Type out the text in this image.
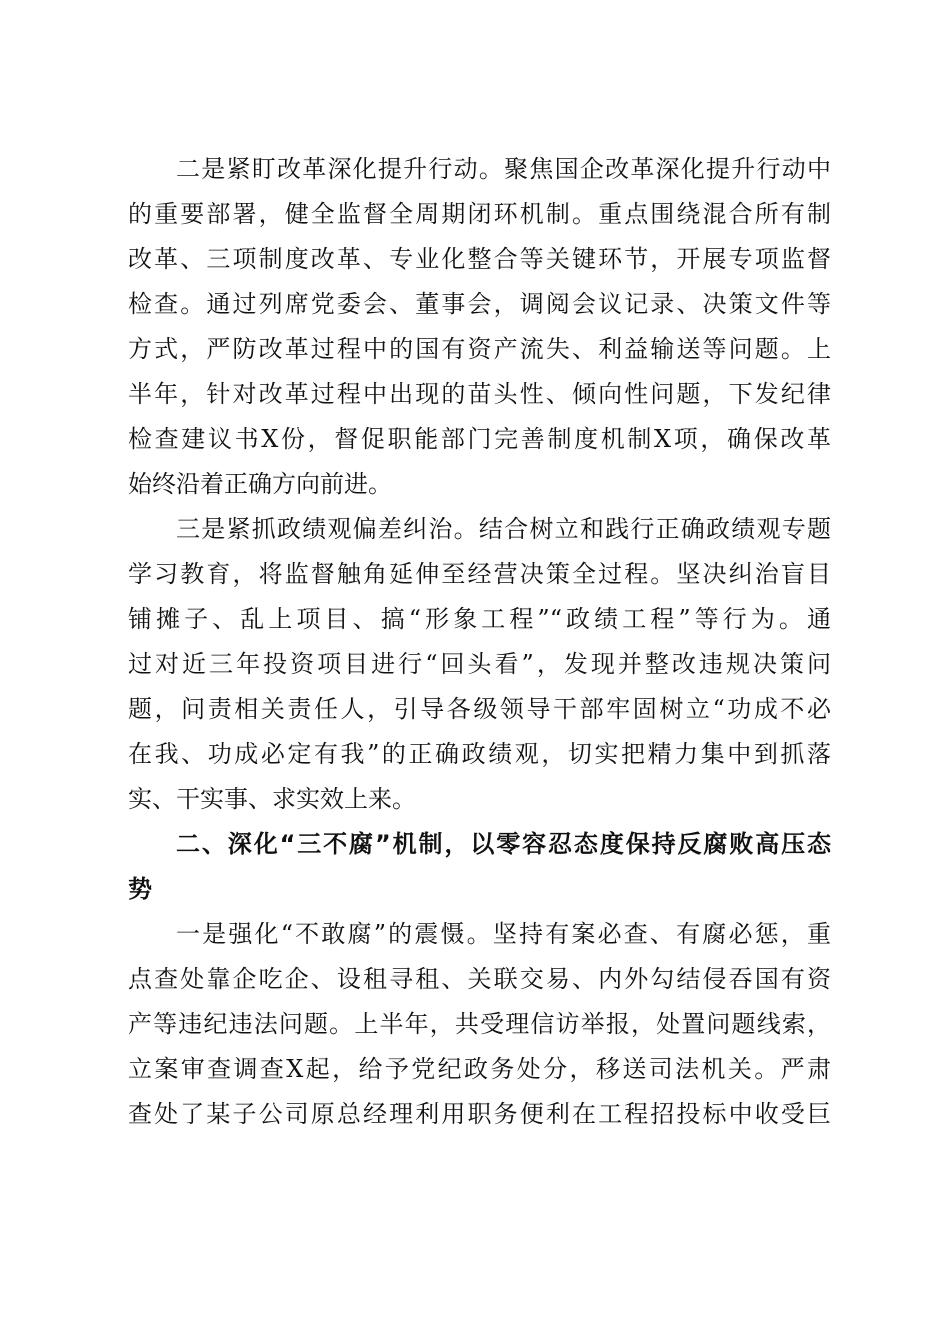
二是紧盯改革深化提升行动。聚焦国企改革深化提升行动中
的重要部署，健全监督全周期闭环机制。重点围绕混合所有制
改革、三项制度改革、专业化整合等关键环节，开展专项监督
检查。通过列席党委会、董事会，调阅会议记录、决策文件等
方式，严防改革过程中的国有资产流失、利益输送等问题。上
半年，针对改革过程中出现的苗头性、倾向性问题，下发纪律
检查建议书X份，督促职能部门完善制度机制X项，确保改革
始终沿着正确方向前进。
三是紧抓政绩观偏差纠治。结合树立和践行正确政绩观专题
学习教育，将监督触角延伸至经营决策全过程。坚决纠治盲目
铺摊子、乱上项目、搞“形象工程”“政绩工程”等行为。通
过对近三年投资项目进行“回头看”，发现并整改违规决策问
题，问责相关责任人，引导各级领导干部牢固树立“功成不必
在我、功成必定有我”的正确政绩观，切实把精力集中到抓落
实、干实事、求实效上来。
二、深化“三不腐”机制，以零容忍态度保持反腐败高压态
势
一是强化“不敢腐”的震慑。坚持有案必查、有腐必惩，重
点查处靠企吃企、设租寻租、关联交易、内外勾结侵吞国有资
产等违纪违法问题。上半年，共受理信访举报，处置问题线索，
立案审查调查X起，给予党纪政务处分，移送司法机关。严肃
查处了某子公司原总经理利用职务便利在工程招投标中收受巨
